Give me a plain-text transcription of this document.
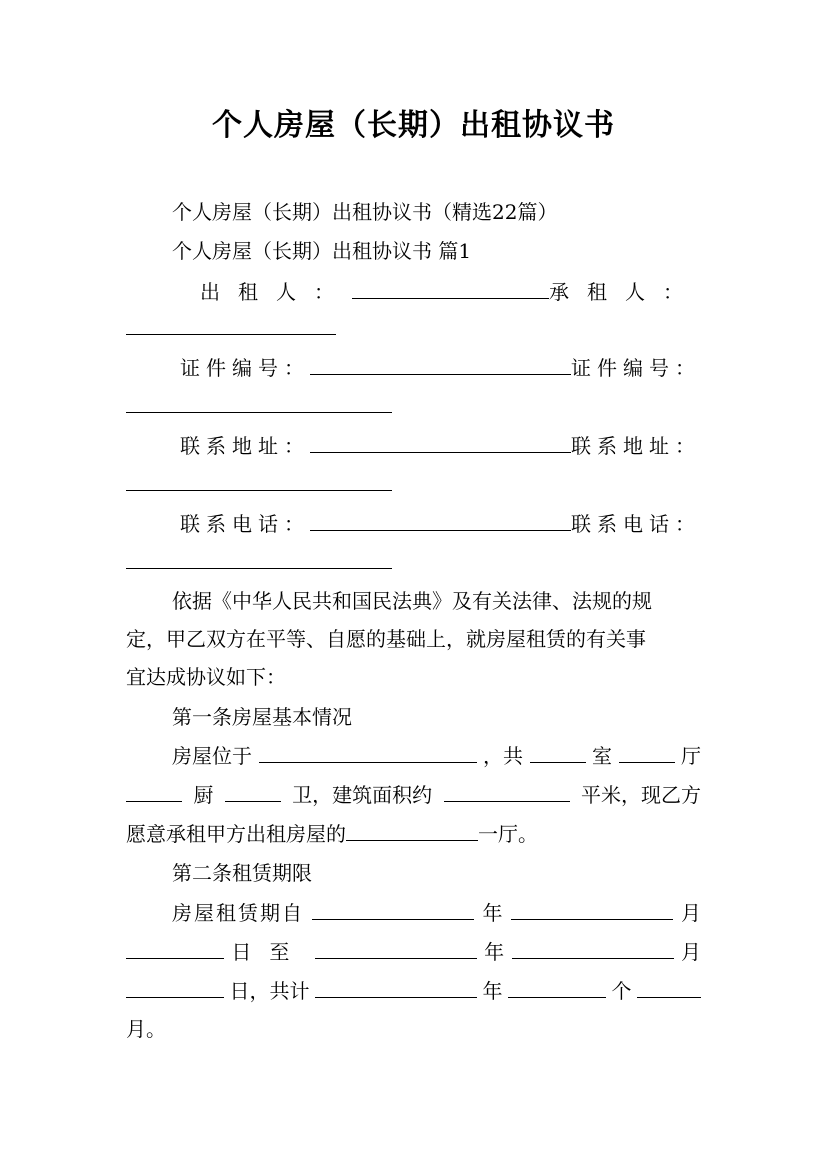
个人房屋（长期）出租协议书
个人房屋（长期）出租协议书（精选22篇）
个人房屋（长期）出租协议书 篇1
出租人：	承租人：
证件编号：	证件编号：
联系地址：	联系地址：
联系电话：	联系电话：
依据《中华人民共和国民法典》及有关法律、法规的规
定，甲乙双方在平等、自愿的基础上，就房屋租赁的有关事
宜达成协议如下：
第一条房屋基本情况
房屋位于	，共	室	厅
厨	卫，建筑面积约	平米，现乙方
愿意承租甲方出租房屋的	一厅。
第二条租赁期限
房屋租赁期自	年	月
日至	年	月
日，共计	年	个
月。
